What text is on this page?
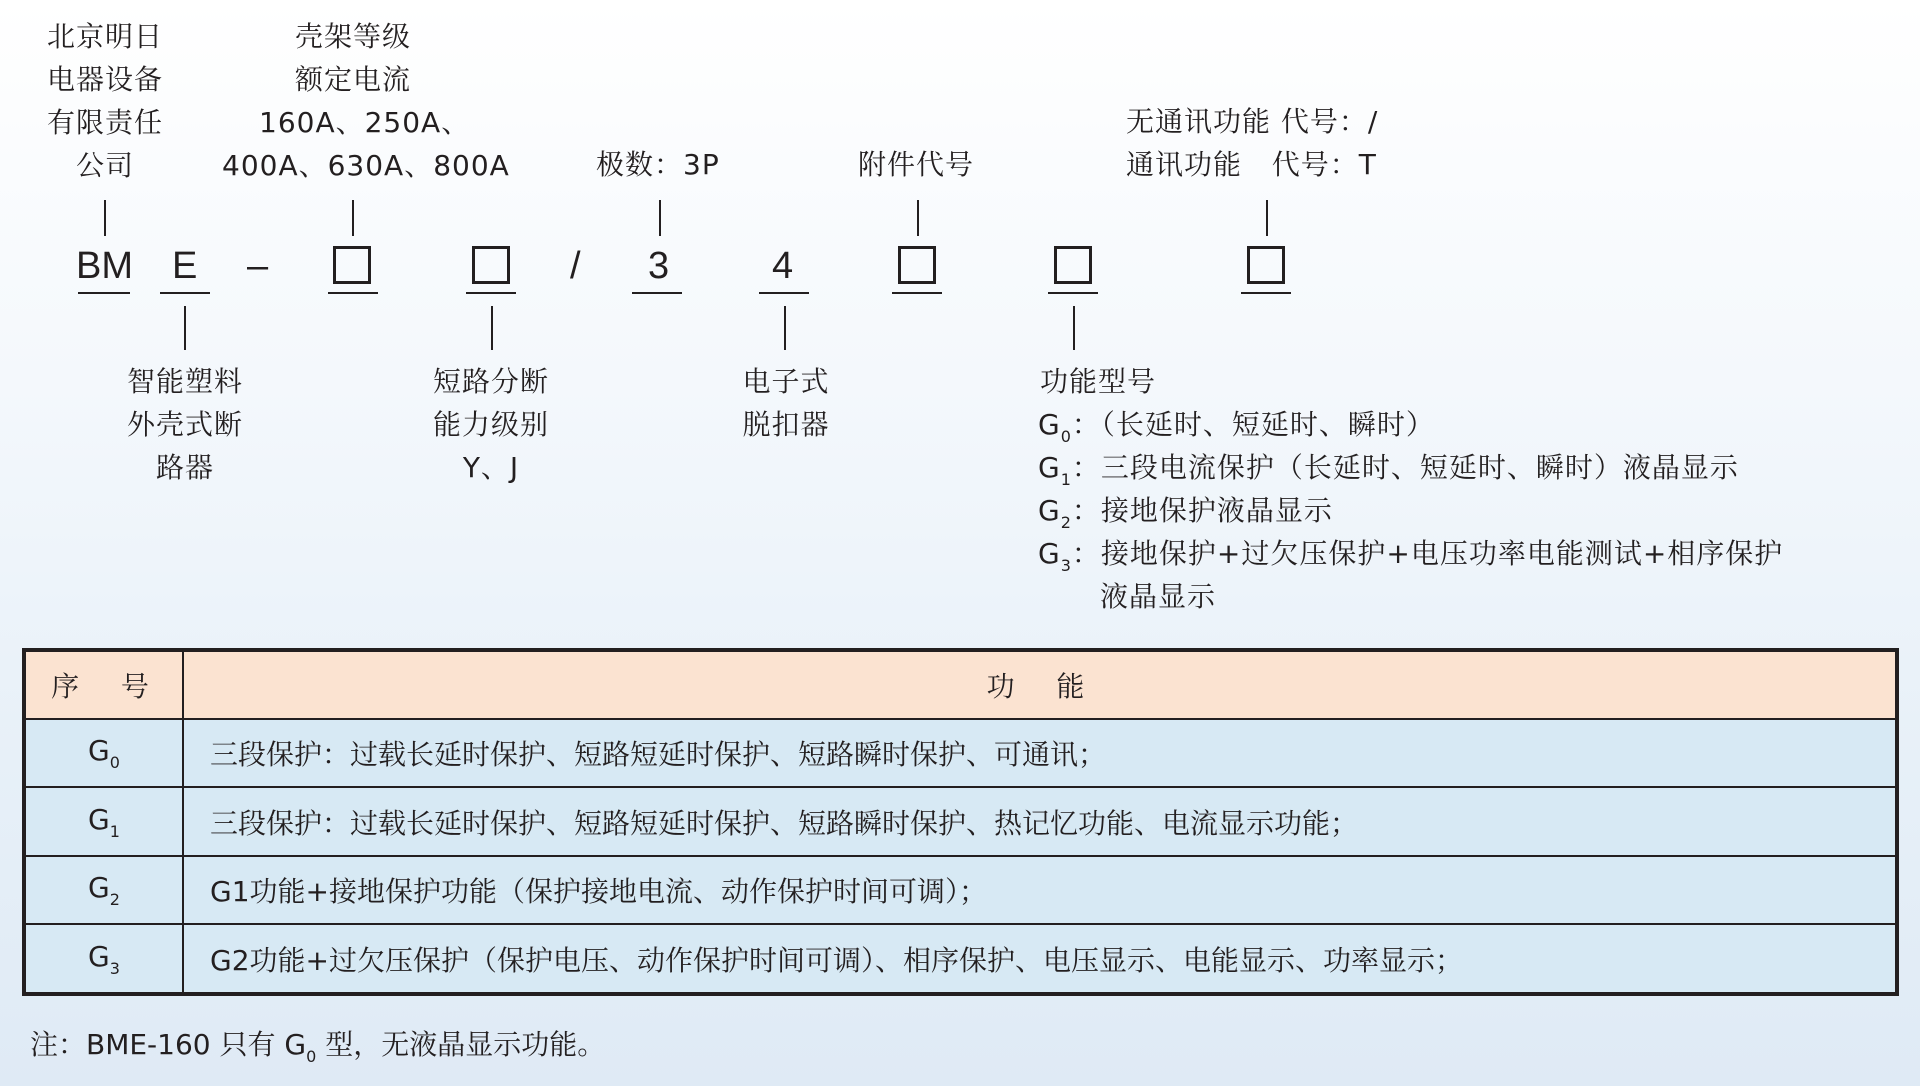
北京明日
电器设备
有限责任
公司
壳架等级
额定电流
160A、250A、
400A、630A、800A	极数：3P	附件代号
无通讯功能 代号：/
通讯功能   代号：T
BM E –	/ 3	4
智能塑料
外壳式断
路器
短路分断
能力级别
Y、J
电子式
脱扣器
功能型号
$G_0$：（长延时、短延时、瞬时）
$G_1$：三段电流保护（长延时、短延时、瞬时）液晶显示
$G_2$：接地保护液晶显示
$G_3$：接地保护+过欠压保护+电压功率电能测试+相序保护
液晶显示
序  号	功  能
$G_0$	三段保护：过载长延时保护、短路短延时保护、短路瞬时保护、可通讯；
$G_1$	三段保护：过载长延时保护、短路短延时保护、短路瞬时保护、热记忆功能、电流显示功能；
$G_2$	G1功能+接地保护功能（保护接地电流、动作保护时间可调）；
$G_3$	G2功能+过欠压保护（保护电压、动作保护时间可调）、相序保护、电压显示、电能显示、功率显示；
注：BME-160 只有 $G_0$ 型，无液晶显示功能。
